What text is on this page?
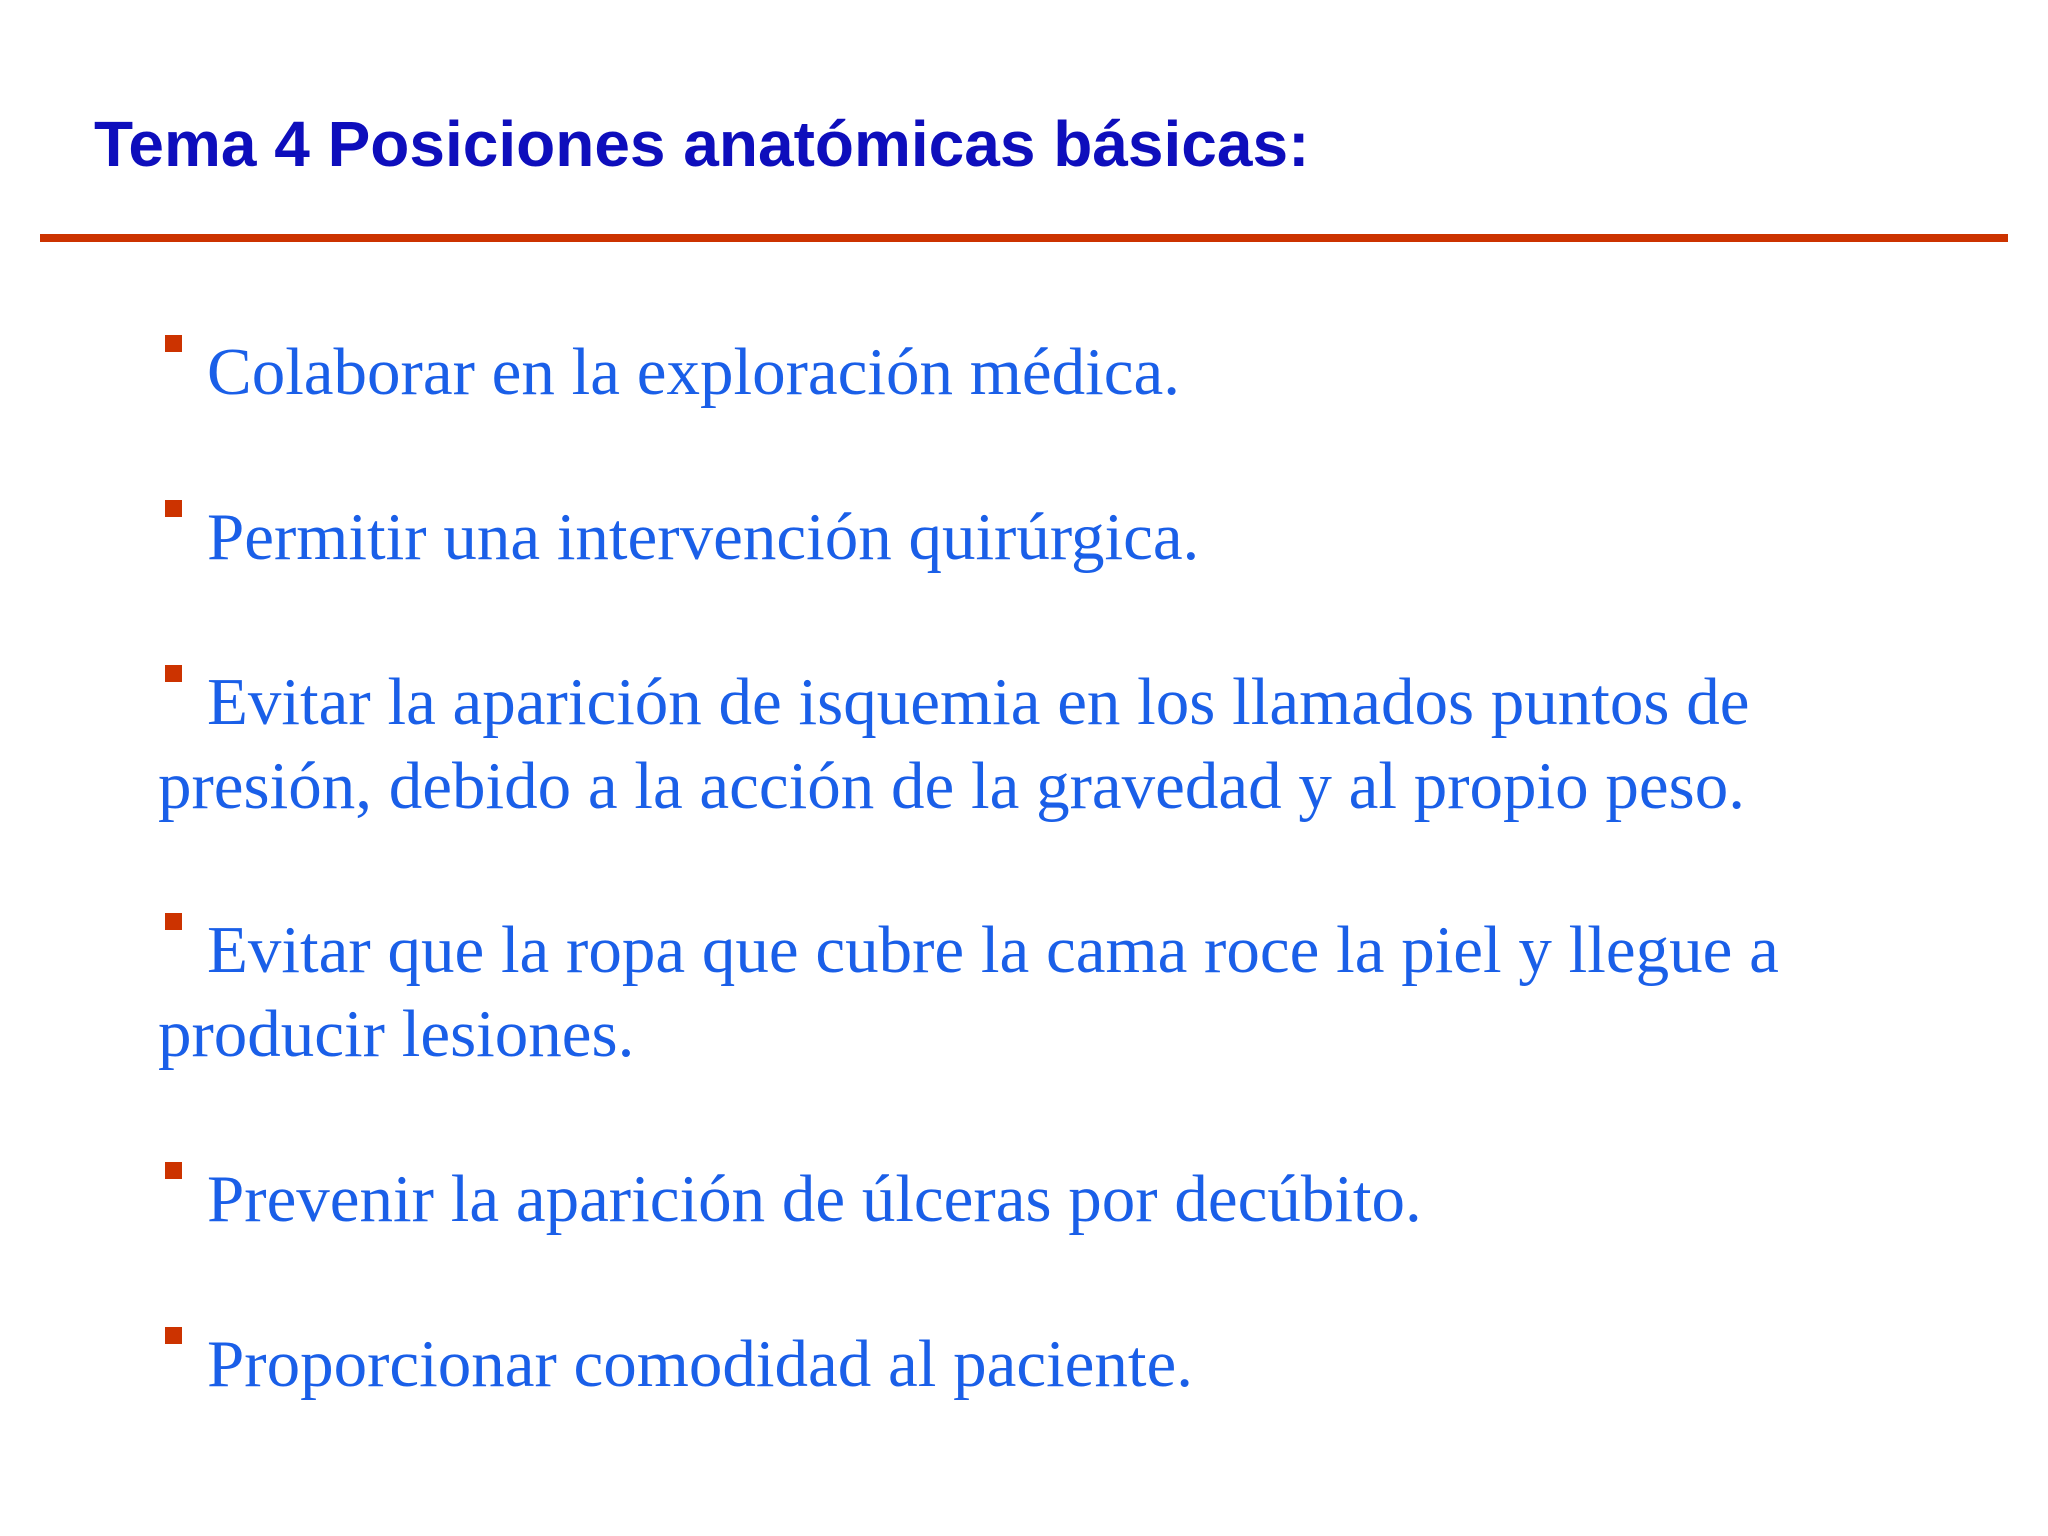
Tema 4 Posiciones anatómicas básicas:
Colaborar en la exploración médica.
Permitir una intervención quirúrgica.
Evitar la aparición de isquemia en los llamados puntos de
presión, debido a la acción de la gravedad y al propio peso.
Evitar que la ropa que cubre la cama roce la piel y llegue a
producir lesiones.
Prevenir la aparición de úlceras por decúbito.
Proporcionar comodidad al paciente.
